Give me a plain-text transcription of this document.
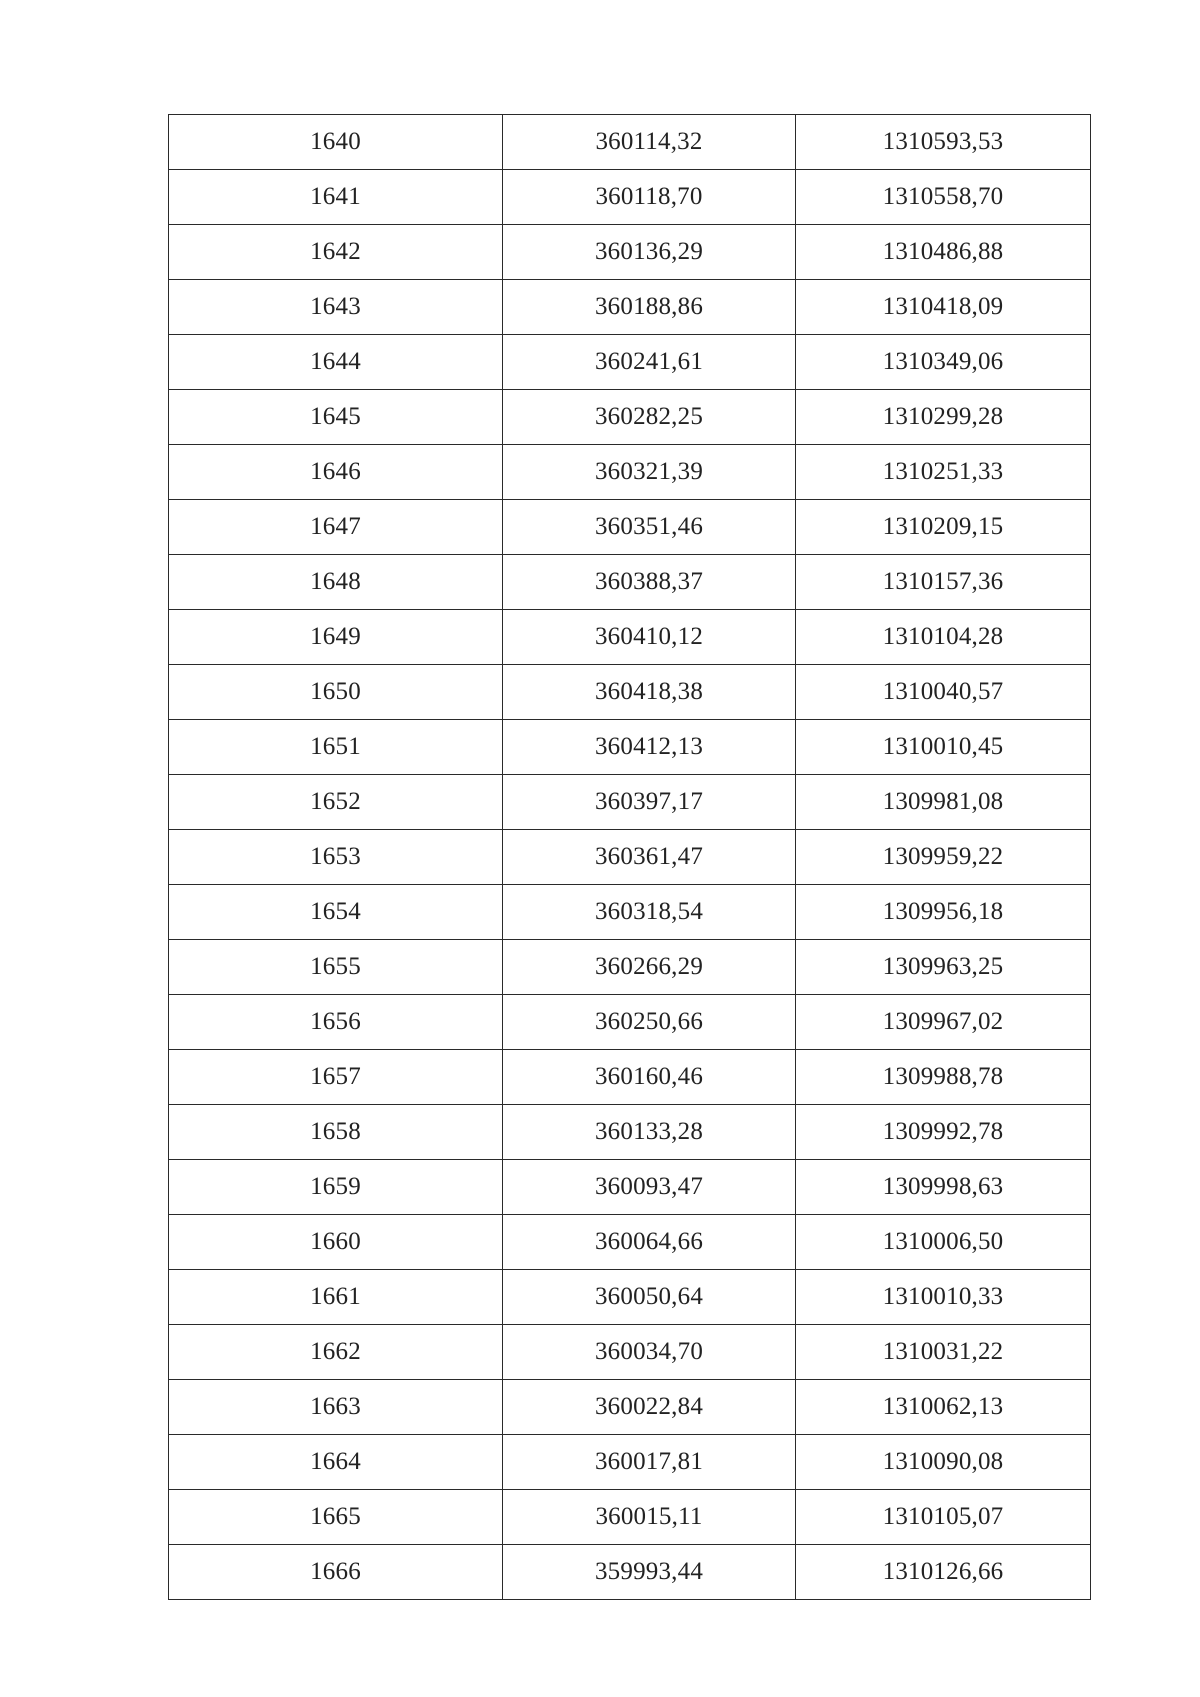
1640	360114,32	1310593,53
1641	360118,70	1310558,70
1642	360136,29	1310486,88
1643	360188,86	1310418,09
1644	360241,61	1310349,06
1645	360282,25	1310299,28
1646	360321,39	1310251,33
1647	360351,46	1310209,15
1648	360388,37	1310157,36
1649	360410,12	1310104,28
1650	360418,38	1310040,57
1651	360412,13	1310010,45
1652	360397,17	1309981,08
1653	360361,47	1309959,22
1654	360318,54	1309956,18
1655	360266,29	1309963,25
1656	360250,66	1309967,02
1657	360160,46	1309988,78
1658	360133,28	1309992,78
1659	360093,47	1309998,63
1660	360064,66	1310006,50
1661	360050,64	1310010,33
1662	360034,70	1310031,22
1663	360022,84	1310062,13
1664	360017,81	1310090,08
1665	360015,11	1310105,07
1666	359993,44	1310126,66
